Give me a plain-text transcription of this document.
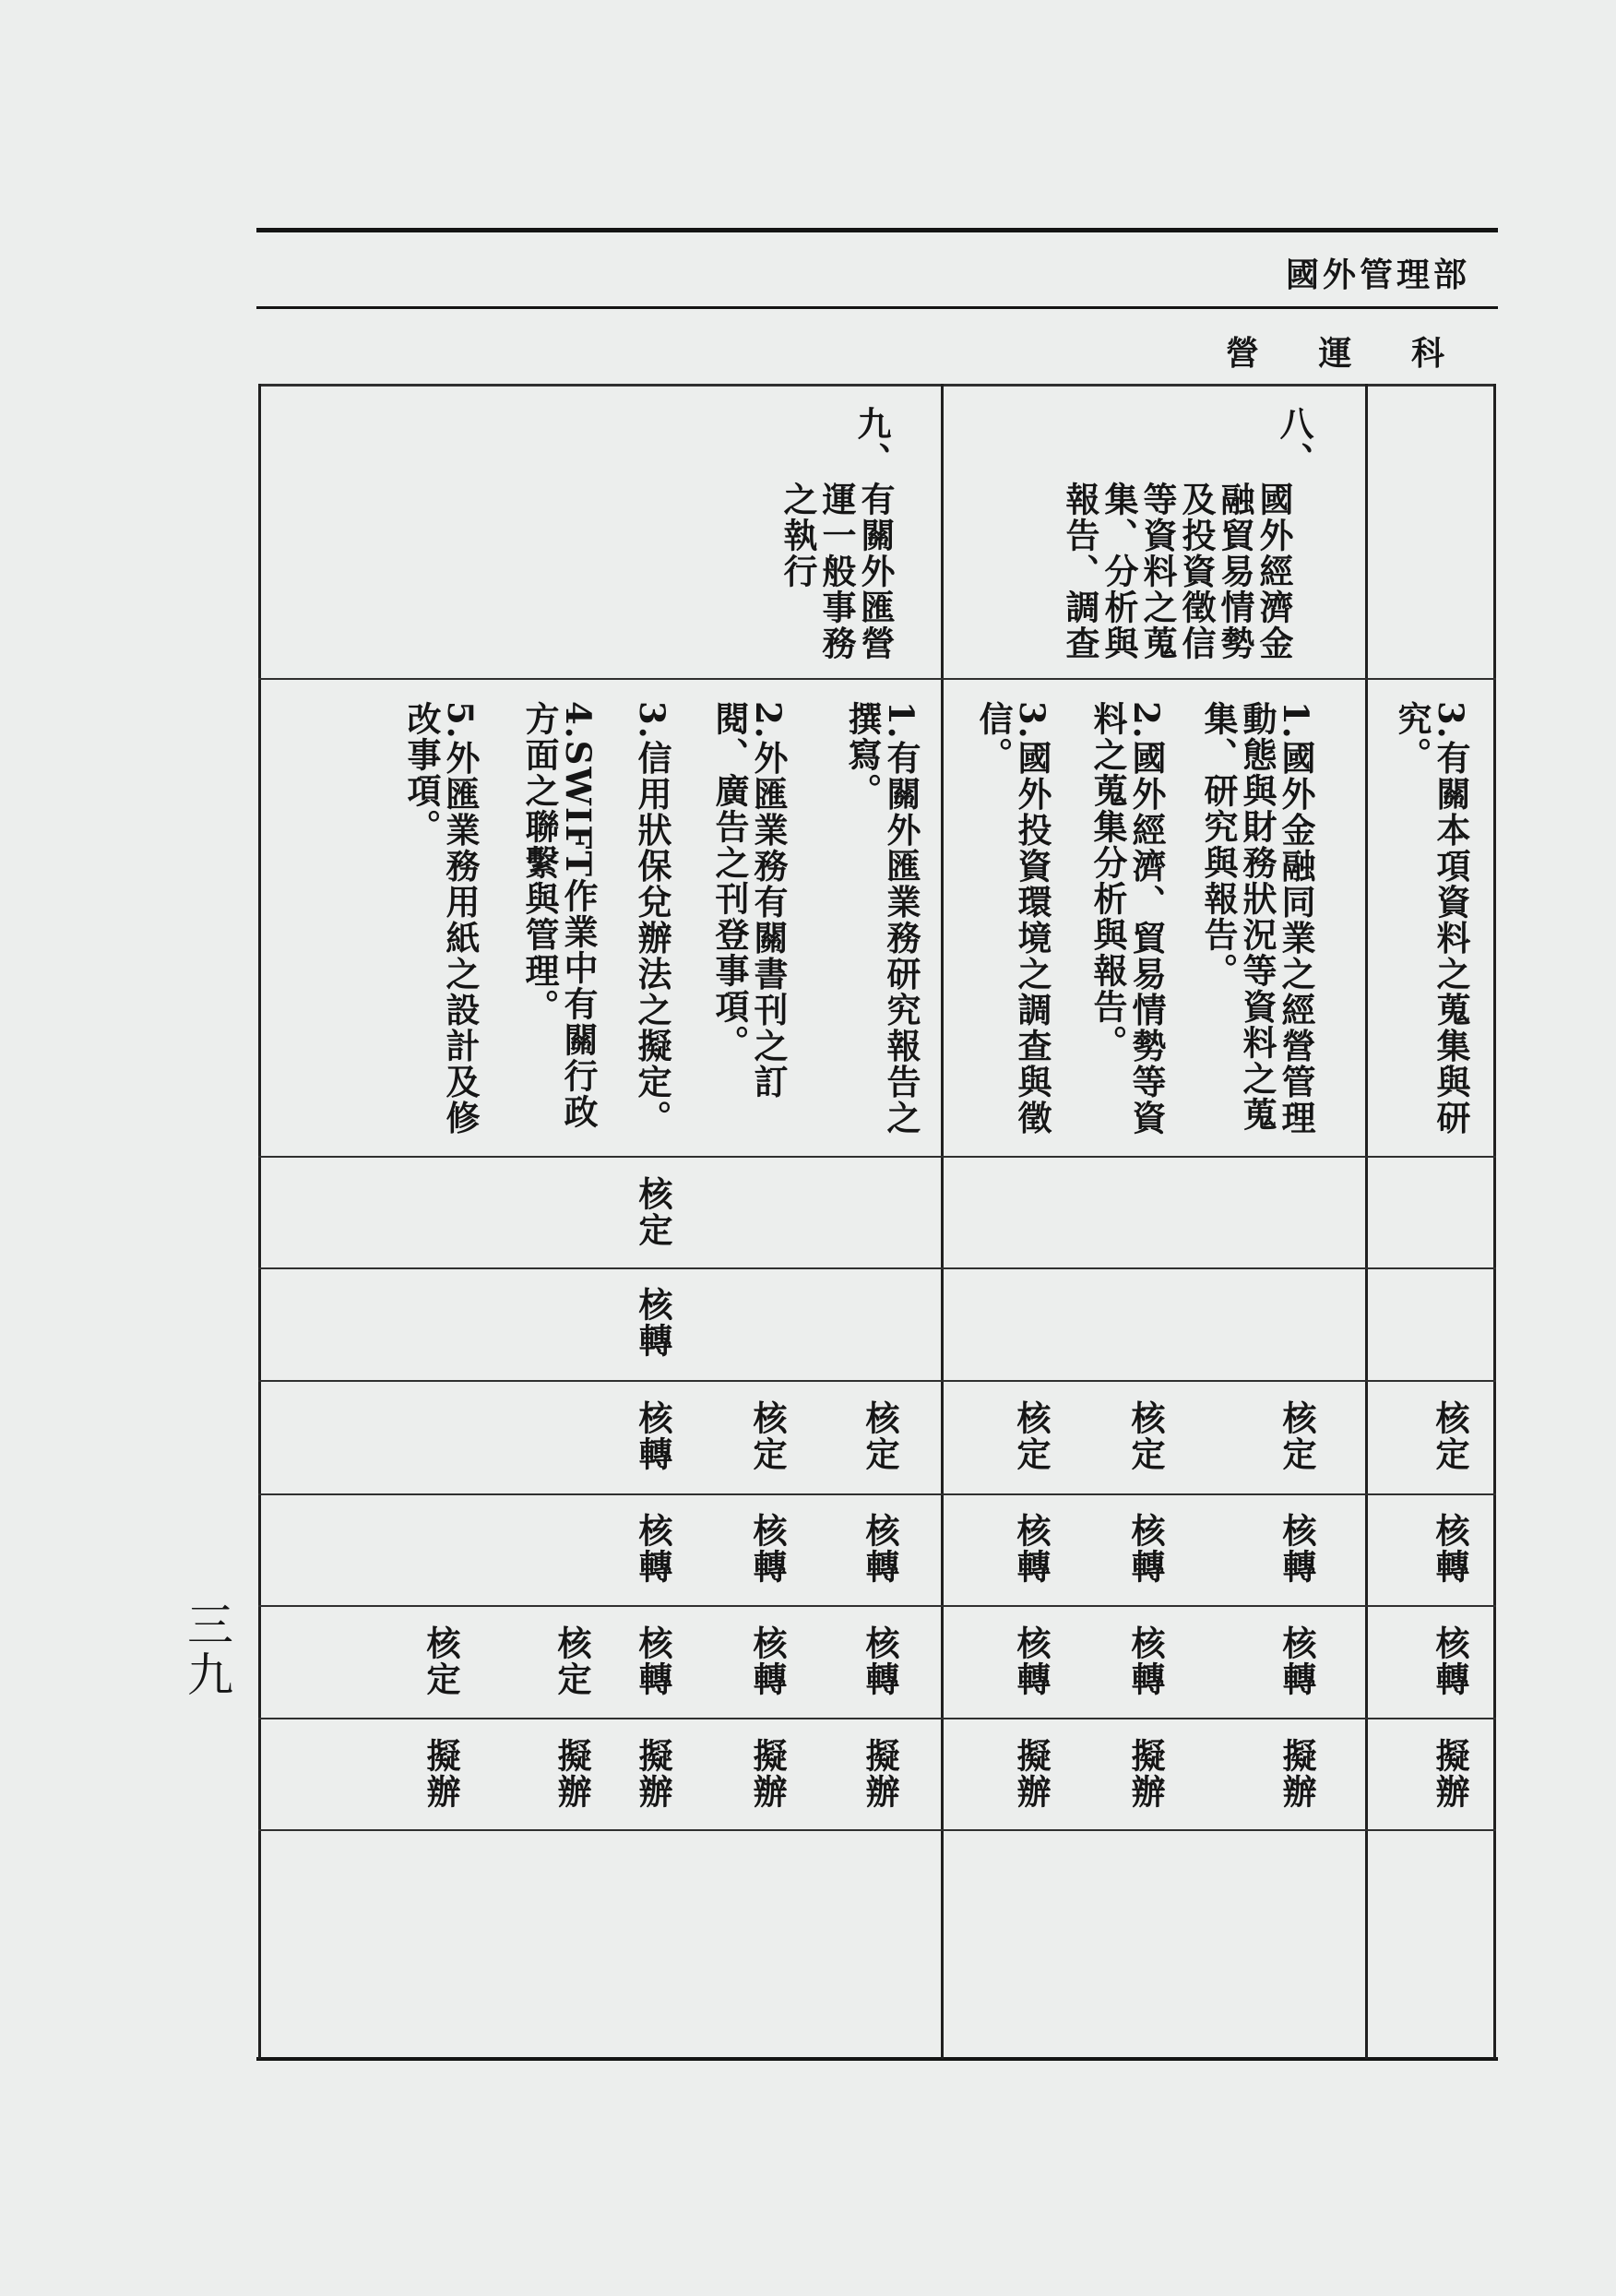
國外管理部
營 運 科
八、
國外經濟金融貿易情勢及投資徵信等資料之蒐集、分析與報告、調查
九、
有關外匯營運一般事務之執行
3.有關本項資料之蒐集與研究。
1.國外金融同業之經營管理動態與財務狀況等資料之蒐集、研究與報告。
2.國外經濟、貿易情勢等資料之蒐集分析與報告。
3.國外投資環境之調查與徵信。
1.有關外匯業務研究報告之撰寫。
2.外匯業務有關書刊之訂閱、廣告之刊登事項。
3.信用狀保兌辦法之擬定。
4.SWIFT作業中有關行政方面之聯繫與管理。
5.外匯業務用紙之設計及修改事項。
核定
核轉
核定
核定
核定
核定
核定
核定
核轉
核轉
核轉
核轉
核轉
核轉
核轉
核轉
核轉
核轉
核轉
核轉
核轉
核轉
核轉
核定
核定
擬辦
擬辦
擬辦
擬辦
擬辦
擬辦
擬辦
擬辦
擬辦
三九
